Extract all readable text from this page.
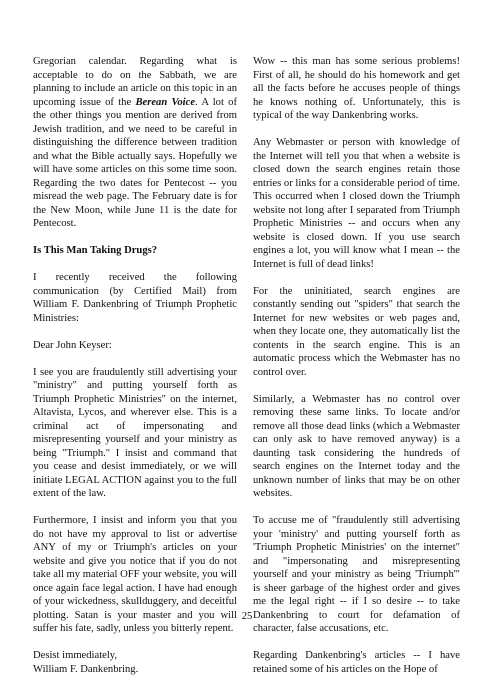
Gregorian calendar. Regarding what is acceptable to do on the Sabbath, we are planning to include an article on this topic in an upcoming issue of the Berean Voice. A lot of the other things you mention are derived from Jewish tradition, and we need to be careful in distinguishing the difference between tradition and what the Bible actually says. Hopefully we will have some articles on this some time soon. Regarding the two dates for Pentecost -- you misread the web page. The February date is for the New Moon, while June 11 is the date for Pentecost.

Is This Man Taking Drugs?

I recently received the following communication (by Certified Mail) from William F. Dankenbring of Triumph Prophetic Ministries:

Dear John Keyser:

I see you are fraudulently still advertising your "ministry" and putting yourself forth as Triumph Prophetic Ministries" on the internet, Altavista, Lycos, and wherever else. This is a criminal act of impersonating and misrepresenting yourself and your ministry as being "Triumph." I insist and command that you cease and desist immediately, or we will initiate LEGAL ACTION against you to the full extent of the law.

Furthermore, I insist and inform you that you do not have my approval to list or advertise ANY of my or Triumph's articles on your website and give you notice that if you do not take all my material OFF your website, you will once again face legal action. I have had enough of your wickedness, skullduggery, and deceitful plotting. Satan is your master and you will suffer his fate, sadly, unless you bitterly repent.

Desist immediately,

William F. Dankenbring.

Wow -- this man has some serious problems! First of all, he should do his homework and get all the facts before he accuses people of things he knows nothing of. Unfortunately, this is typical of the way Dankenbring works.

Any Webmaster or person with knowledge of the Internet will tell you that when a website is closed down the search engines retain those entries or links for a considerable period of time. This occurred when I closed down the Triumph website not long after I separated from Triumph Prophetic Ministries -- and occurs when any website is closed down. If you use search engines a lot, you will know what I mean -- the Internet is full of dead links!

For the uninitiated, search engines are constantly sending out "spiders" that search the Internet for new websites or web pages and, when they locate one, they automatically list the contents in the search engine. This is an automatic process which the Webmaster has no control over.

Similarly, a Webmaster has no control over removing these same links. To locate and/or remove all those dead links (which a Webmaster can only ask to have removed anyway) is a daunting task considering the hundreds of search engines on the Internet today and the unknown number of links that may be on other websites.

To accuse me of "fraudulently still advertising your 'ministry' and putting yourself forth as 'Triumph Prophetic Ministries' on the internet" and "impersonating and misrepresenting yourself and your ministry as being 'Triumph'" is sheer garbage of the highest order and gives me the legal right -- if I so desire -- to take Dankenbring to court for defamation of character, false accusations, etc.

Regarding Dankenbring's articles -- I have retained some of his articles on the Hope of

25
